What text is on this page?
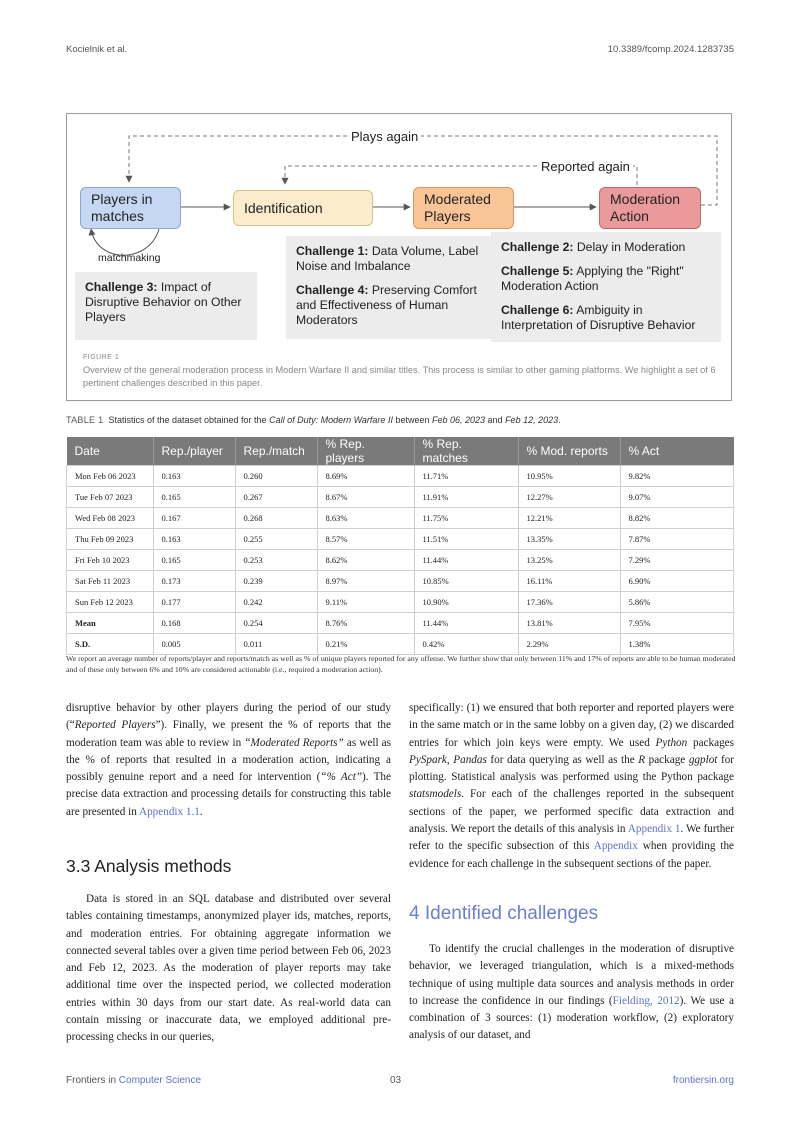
Kocielnik et al.	10.3389/fcomp.2024.1283735
Plays again
Reported again
Players in matches	Identification
Moderated Players
Moderation Action
matchmaking	Challenge 1: Data Volume, Label Noise and Imbalance

Challenge 4: Preserving Comfort and Effectiveness of Human Moderators

Challenge 2: Delay in Moderation

Challenge 5: Applying the "Right" Moderation Action

Challenge 6: Ambiguity in Interpretation of Disruptive Behavior

Challenge 3: Impact of Disruptive Behavior on Other Players

FIGURE 1
Overview of the general moderation process in Modern Warfare II and similar titles. This process is similar to other gaming platforms. We highlight a set of 6 pertinent challenges described in this paper.
TABLE 1 Statistics of the dataset obtained for the Call of Duty: Modern Warfare II between Feb 06, 2023 and Feb 12, 2023.
Date	Rep./player	Rep./match	% Rep. players	% Rep. matches	% Mod. reports	% Act
Mon Feb 06 2023	0.163	0.260	8.69%	11.71%	10.95%	9.82%
Tue Feb 07 2023	0.165	0.267	8.67%	11.91%	12.27%	9.07%
Wed Feb 08 2023	0.167	0.268	8.63%	11.75%	12.21%	8.82%
Thu Feb 09 2023	0.163	0.255	8.57%	11.51%	13.35%	7.87%
Fri Feb 10 2023	0.165	0.253	8.62%	11.44%	13.25%	7.29%
Sat Feb 11 2023	0.173	0.239	8.97%	10.85%	16.11%	6.90%
Sun Feb 12 2023	0.177	0.242	9.11%	10.90%	17.36%	5.86%
Mean	0.168	0.254	8.76%	11.44%	13.81%	7.95%
S.D.	0.005	0.011	0.21%	0.42%	2.29%	1.38%
We report an average number of reports/player and reports/match as well as % of unique players reported for any offense. We further show that only between 11% and 17% of reports are able to be human moderated and of these only between 6% and 10% are considered actionable (i.e., required a moderation action).

disruptive behavior by other players during the period of our study (“Reported Players”). Finally, we present the % of reports that the moderation team was able to review in “Moderated Reports” as well as the % of reports that resulted in a moderation action, indicating a possibly genuine report and a need for intervention (“% Act”). The precise data extraction and processing details for constructing this table are presented in Appendix 1.1.

3.3 Analysis methods

Data is stored in an SQL database and distributed over several tables containing timestamps, anonymized player ids, matches, reports, and moderation entries. For obtaining aggregate information we connected several tables over a given time period between Feb 06, 2023 and Feb 12, 2023. As the moderation of player reports may take additional time over the inspected period, we collected moderation entries within 30 days from our start date. As real-world data can contain missing or inaccurate data, we employed additional pre-processing checks in our queries,

specifically: (1) we ensured that both reporter and reported players were in the same match or in the same lobby on a given day, (2) we discarded entries for which join keys were empty. We used Python packages PySpark, Pandas for data querying as well as the R package ggplot for plotting. Statistical analysis was performed using the Python package statsmodels. For each of the challenges reported in the subsequent sections of the paper, we performed specific data extraction and analysis. We report the details of this analysis in Appendix 1. We further refer to the specific subsection of this Appendix when providing the evidence for each challenge in the subsequent sections of the paper.

4 Identified challenges

To identify the crucial challenges in the moderation of disruptive behavior, we leveraged triangulation, which is a mixed-methods technique of using multiple data sources and analysis methods in order to increase the confidence in our findings (Fielding, 2012). We use a combination of 3 sources: (1) moderation workflow, (2) exploratory analysis of our dataset, and

Frontiers in Computer Science	03	frontiersin.org
